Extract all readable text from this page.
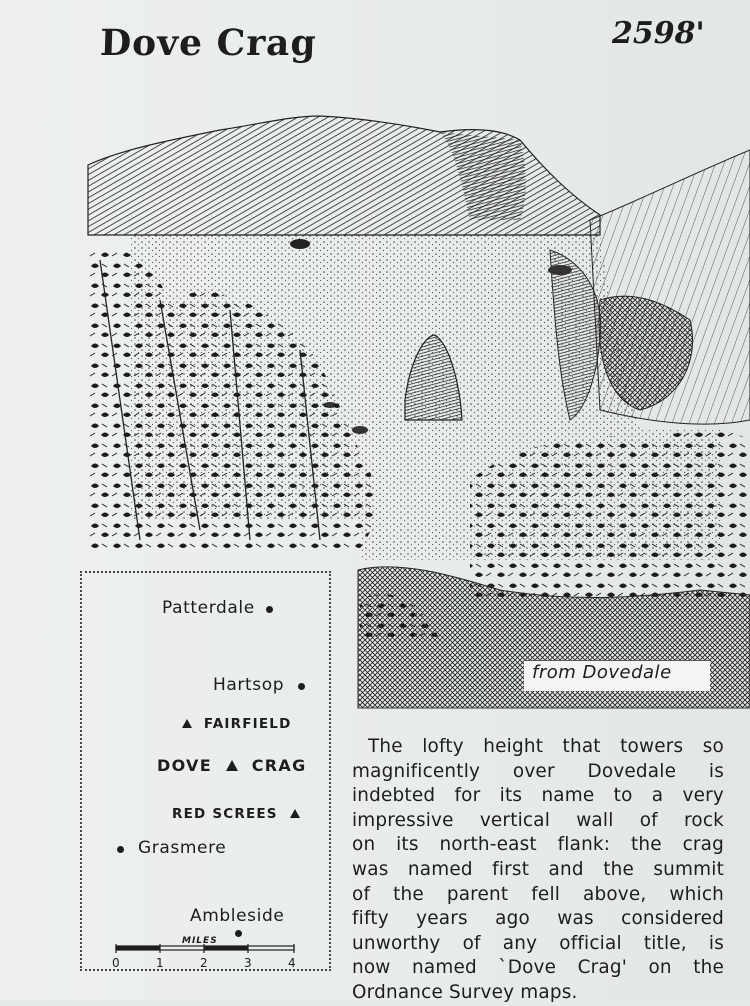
Dove Crag	2598'
from Dovedale
Patterdale
Hartsop
FAIRFIELD
DOVE CRAG
RED SCREES
Grasmere
Ambleside
MILES
0	1	2	3	4
The lofty height that towers so
magnificently over Dovedale is
indebted for its name to a very
impressive vertical wall of rock
on its north-east flank: the crag
was named first and the summit
of the parent fell above, which
fifty years ago was considered
unworthy of any official title, is
now named `Dove Crag' on the
Ordnance Survey maps.
